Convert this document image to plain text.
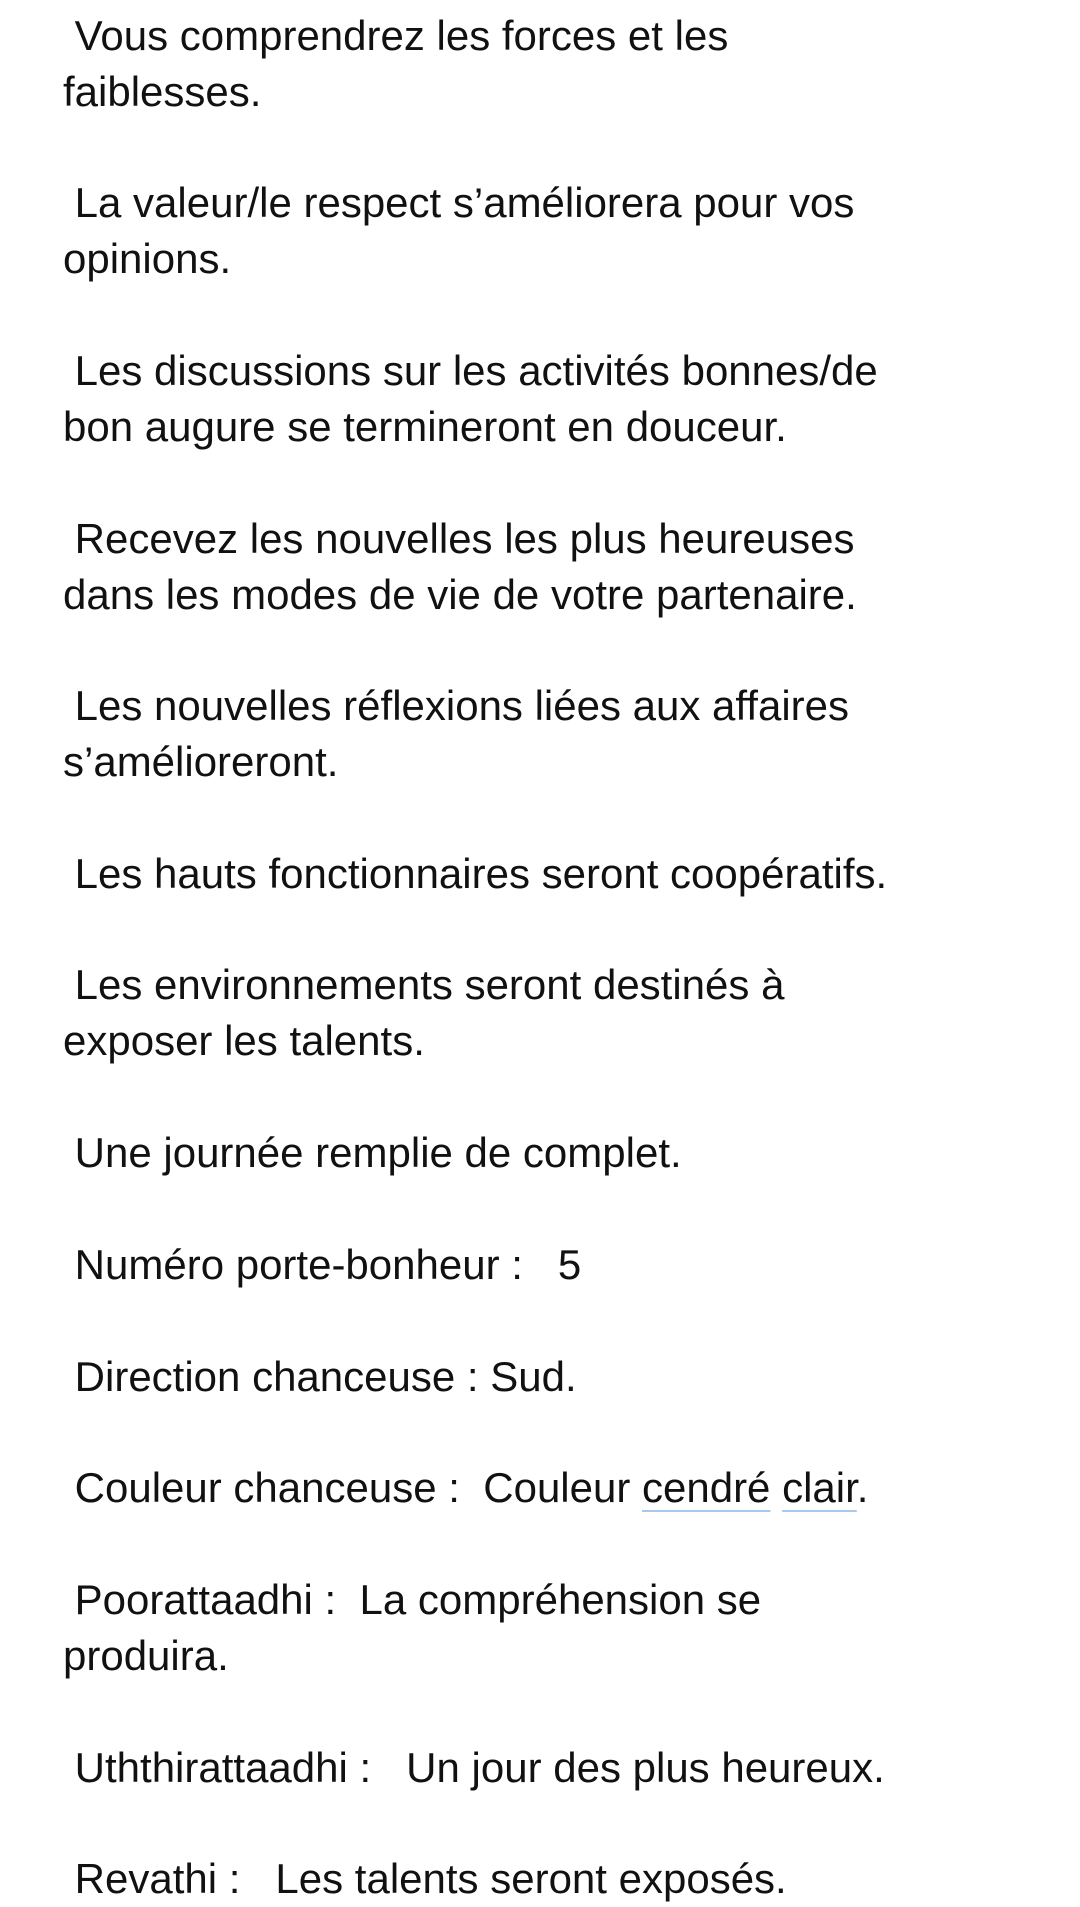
Vous comprendrez les forces et les
faiblesses.

La valeur/le respect s’améliorera pour vos
opinions.

Les discussions sur les activités bonnes/de
bon augure se termineront en douceur.

Recevez les nouvelles les plus heureuses
dans les modes de vie de votre partenaire.

Les nouvelles réflexions liées aux affaires
s’amélioreront.

Les hauts fonctionnaires seront coopératifs.

Les environnements seront destinés à
exposer les talents.

Une journée remplie de complet.

Numéro porte-bonheur :   5

Direction chanceuse : Sud.

Couleur chanceuse :  Couleur cendré clair.

Poorattaadhi :  La compréhension se
produira.

Uththirattaadhi :   Un jour des plus heureux.

Revathi :   Les talents seront exposés.
